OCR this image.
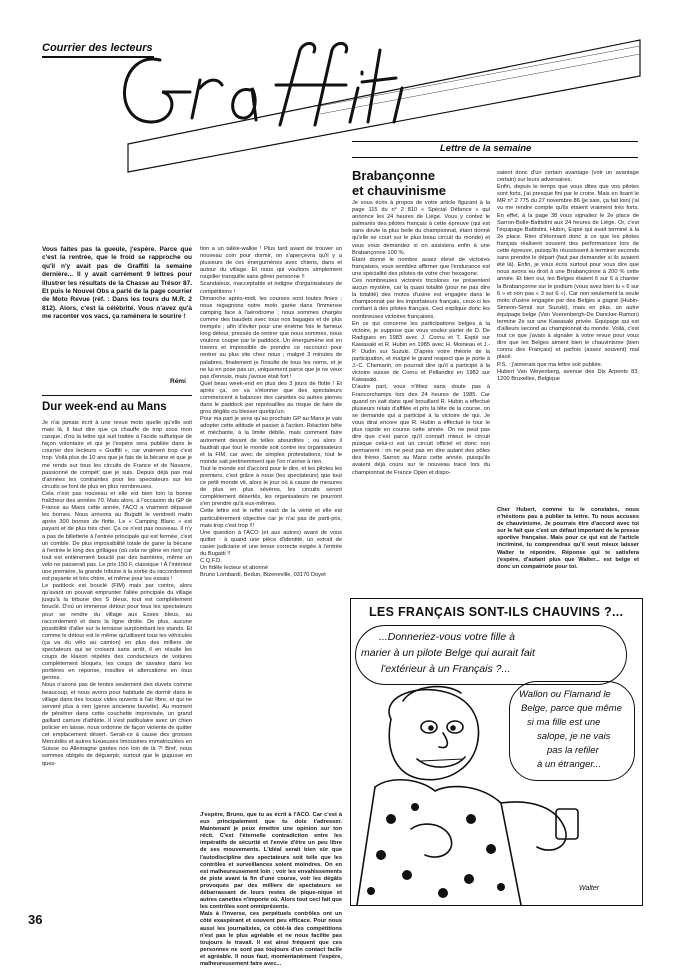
Courrier des lecteurs
Lettre de la semaine
Vous faites pas la gueule, j'espère. Parce que c'est la rentrée, que le froid se rapproche ou qu'il n'y avait pas de Graffiti la semaine dernière... Il y avait carrément 9 lettres pour illustrer les résultats de la Chasse au Trésor 87. Et puis le Nouvel Obs a parlé de la page courrier de Moto Revue (réf. : Dans les tours du M.R. 2 812). Alors, c'est la célébrité. Vous n'avez qu'à me raconter vos vacs, ça ramènera le sourire !
Rémi
Dur week-end au Mans
Je n'ai jamais écrit à une revue moto quelle qu'elle soit mais là, il faut dire que ça chauffe de trop sous mon casque, d'où la lettre qui suit traitée à l'acide sulfurique de façon volontaire et qui je l'espère sera publiée dans le courrier des lecteurs « Graffiti », car vraiment trop c'est trop. Voilà plus de 10 ans que je fais de la bécane et que je me rends sur tous les circuits de France et de Navarre, passionné de compét' que je suis. Depuis déjà pas mal d'années les contraintes pour les spectateurs sur les circuits se font de plus en plus nombreuses.
Cela n'est pas nouveau et elle est bien loin la bonne fraîcheur des années 70. Mais alors, à l'occasion du GP de France au Mans cette année, l'ACO a vraiment dépassé les bornes. Nous arrivons au Bugatti le vendredi matin après 300 bornes de flotte. Le « Camping Blanc » est payant et de plus très cher. Ça ce n'est pas nouveau. Il n'y a pas de billetterie à l'entrée principale qui est fermée, c'est un comble. De plus impossibilité totale de garer la bécane à l'entrée le long des grillages (où cela ne gêne en rien) car tout est entièrement bouclé par des barrières, même un vélo ne passerait pas. Le prix 150 F, classique ! À l'intérieur une première, la grande tribune à la sortie du raccordement est payante et très chère, et même pour les essais !
Le paddock est bouclé (FIM) mais par contre, alors qu'avant on pouvait emprunter l'allée principale du village jusqu'à la tribune des S bleus, tout est complètement bouclé. D'où un immense détour pour tous les spectateurs pour se rendre du village aux Esses bleus, au raccordement et dans la ligne droite. De plus, aucune possibilité d'aller sur la terrasse surplombant les stands. Et comme le détour est le même qu'utilisent tous les véhicules (ça va du vélo au camion) en plus des milliers de spectateurs qui se croisent sans arrêt, il en résulte les coups de klaxon répétés des conducteurs de voitures complètement bloqués, les coups de savates dans les portières en réponse, insultes et altercations en tous genres.
Nous n'avons pas de tentes seulement des duvets comme beaucoup, et nous avons pour habitude de dormir dans le village dans des locaux vides ouverts à l'air libre, et qui ne servent plus à rien (genre ancienne buvette). Au moment de pénétrer dans cette couchette improvisée, un grand gaillard carrure d'athlète. Il s'est patibulaire avec un chien policier en laisse, nous ordonne de façon violente de quitter cet emplacement désert. Serait-ce à cause des grosses Mercédès et autres luxueuses limousines immatriculées en Suisse ou Allemagne garées non loin de là ?! Bref, nous sommes obligés de déguerpir, surtout que le gugusse en ques-
tion a un talkie-walkie ! Plus tard avant de trouver un nouveau coin pour dormir, on s'aperçevra qu'il y a plusieurs de ces énergumènes avec chiens, dans et autour du village. Et nous qui voulions simplement roupiller tranquille sans gêner personne !!
Scandaleux, inacceptable et indigne d'organisateurs de compétitions !
Dimanche après-midi, les courses sont toutes finies ; nous regagnons notre moto garée dans l'immense camping face à l'aérodrome ; nous sommes chargés comme des baudets avec tous nos bagages et de plus trempés ; afin d'éviter pour une énième fois le fameux long détour, pressés de rentrer que nous sommes, nous voulons couper par le paddock. Un énergumène est en travers et impossible de prendre ce raccourci pour rentrer au plus vite chez nous ; malgré 3 minutes de palabres, finalement je l'insulte de tous les noms, et je ne lui en pose pas un, uniquement parce que je ne veux pas d'ennuis, mais j'avoue était fort !
Quel beau week-end en plus des 3 jours de flotte ! Et après ça, on va s'étonner que des spectateurs commencent à balancer des canettes ou autres pierres dans le paddock par représailles au risque de faire de gros dégâts ou blesser quelqu'un.
Pour ma part je sens qu'au prochain GP au Mans je vais adopter cette attitude et passer à l'action. Réaction bête et méchante, à la limite débile, mais comment faire autrement devant de telles absurdités ; ou alors il faudrait que tout le monde soit contre les organisateurs et la FIM, car avec de simples protestations, tout le monde sait pertinemment que l'on n'arrive à rien.
Tout le monde est d'accord pour le dire, et les pilotes les premiers, c'est grâce à nous (les spectateurs) que tout ce petit monde vit, alors le jour où à cause de mesures de plus en plus sévères, les circuits seront complètement désertés, les organisateurs ne pourront s'en prendre qu'à eux-mêmes.
Cette lettre est le reflet exact de la vérité et elle est particulièrement objective car je n'ai pas de parti-pris, mais trop c'est trop !!!
Une question à l'ACO (et aux autres) avant de vous quitter : à quand une pièce d'identité, un extrait de casier judiciaire et une tenue correcte exigée à l'entrée du Bugatti !!
C.Q.F.D.
Un fidèle lecteur et abonné
Bruno Lombardi, Bedun, Bizeneville, 03170 Doyet
J'espère, Bruno, que tu as écrit à l'ACO. Car c'est à eux principalement que tu dois t'adresser. Maintenant je peux émettre une opinion sur ton récit. C'est l'éternelle contradiction entre les impératifs de sécurité et l'envie d'être un peu libre de ses mouvements. L'idéal serait bien sûr que l'autodiscipline des spectateurs soit telle que les contrôles et surveillances soient moindres. On en est malheureusement loin ; voir les envahissements de piste avant la fin d'une course, voir les dégâts provoqués par des milliers de spectateurs se débarrassant de leurs restes de pique-nique et autres canettes n'importe où. Alors tout ceci fait que les contrôles sont omniprésents.
Mais à l'inverse, ces perpétuels contrôles ont un côté exaspérant et souvent peu efficace. Pour nous aussi les journalistes, ce côté-là des compétitions n'est pas le plus agréable et ne nous facilite pas toujours le travail. Il est ainsi fréquent que ces personnes ne sont pas toujours d'un contact facile et agréable. Il nous faut, momentanément l'espère, malheureusement faire avec...
Brabançonne
et chauvinisme
Je vous écris à propos de votre article figurant à la page 115 du n° 2 810 « Spécial Défance » qui annonce les 24 heures de Liège. Vous y contez le palmarès des pilotes français à cette épreuve (qui est sans doute la plus belle du championnat, étant donné qu'elle se court sur le plus beau circuit du monde) et vous vous demandez si on assistera enfin à une Brabançonne 100 %.
Étant donné le nombre assez élevé de victoires françaises, vous semblez affirmer que l'endurance est une spécialité des pilotes de votre cher hexagone.
Ces nombreuses victoires tricolores ne présentent aucun mystère, car la quasi totalité (pour ne pas dire la totalité) des motos d'usine est engagée dans le championnat par les importateurs français, ceux-ci les confiant à des pilotes français. Ceci explique donc les nombreuses victoires françaises.
En ce qui concerne les participations belges à la victoire, je suppose que vous voulez parler de D. De Radigues en 1983 avec J. Cornu et T. Espié sur Kawasaki et R. Hubin en 1985 avec H. Moineau et J.-P. Oudin sur Suzuki. D'après votre théorie de la participation, et malgré le grand respect que je porte à J.-C. Chemarin, on pourrait dire qu'il a participé à la victoire suisse de Cornu et Pellandini en 1982 sur Kawasaki.
D'autre part, vous n'êtiez sans doute pas à Francorchamps lors des 24 heures de 1985. Car quand on sait dans quel brouillard R. Hubin a effectué plusieurs relais d'affilée et pris la tête de la course, on se demande qui a participé à la victoire de qui. Je vous dirai encore que R. Hubin a effectué le tour le plus rapide en course cette année. On ne peut pas dire que c'est parce qu'il connaît mieux le circuit puisque celui-ci est un circuit officiel et donc non permanent : on ne peut pas en dire autant des pôles des frères Sarron au Mans cette année, puisqu'ils avaient déjà couru sur le nouveau tracé lors du championnat de France Open et dispo-
saient donc d'un certain avantage (voir un avantage certain) sur leurs adversaires.
Enfin, depuis le temps que vous dites que vos pilotes sont forts, j'ai presque fini par le croire. Mais en lisant le MR n° 2 775 du 27 novembre 86 (je sais, ça fait loin) j'ai vu me rendre compte qu'ils étaient vraiment très forts. En effet, à la page 38 vous signaliez le 2e place de Sarron-Bolle-Battistini aux 24 heures de Liège. Or, c'est l'équipage Battistini, Hubin, Espié qui avait terminé à la 2e place. Rien d'étonnant donc à ce que les pilotes français réalisent souvent des performances lors de cette épreuve, puisqu'ils réussissent à terminer seconds sans prendre le départ (faut pas demander si ils avaient été là). Enfin, je vous écris surtout pour vous dire que nous avons eu droit à une Brabançonne à 200 % cette année. Et bien oui, les Belges étaient 6 sur 6 à chanter la Brabançonne sur le podium (vous avez bien lu « 6 sur 6 » et non pas « 3 sur 6 »). Car non seulement la seule moto d'usine engagée par des Belges a gagné (Hubin-Simeon-Simul sur Suzuki), mais en plus, un autre équipage belge (Van Voerenbergh-De Dancker-Ramon) termine 2e sur une Kawasaki privée. Équipage qui est d'ailleurs second au championnat du monde. Voilà, c'est tout ce que j'avais à signaler à votre revue pour vous dire que les Belges aiment bien le chauvinisme (bien connu des Français) et parfois (assez souvent) mal placé.
P.S. : j'aimerais que ma lettre soit publiée.
Hubert Van Weyenberg, avenue des Dix Arpents 83, 1200 Bruxelles, Belgique
Cher Hubert, comme tu le constates, nous n'hésitons pas à publier ta lettre. Tu nous accuses de chauvinisme. Je pourrais être d'accord avec toi sur le fait que c'est un défaut important de la presse sportive française. Mais pour ce qui est de l'article incriminé, tu comprendras qu'il veut mieux laisser Walter te répondre. Réponse qui te satisfera j'espère, d'autant plus que Walter... est belge et donc un compatriote pour toi.
LES FRANÇAIS SONT-ILS CHAUVINS ?...
...Donneriez-vous votre fille à
marier à un pilote Belge qui aurait fait
l'extérieur à un Français ?...
Wallon ou Flamand le
Belge, parce que même
si ma fille est une
salope, je ne vais
pas la refiler
à un étranger...
Walter
36
